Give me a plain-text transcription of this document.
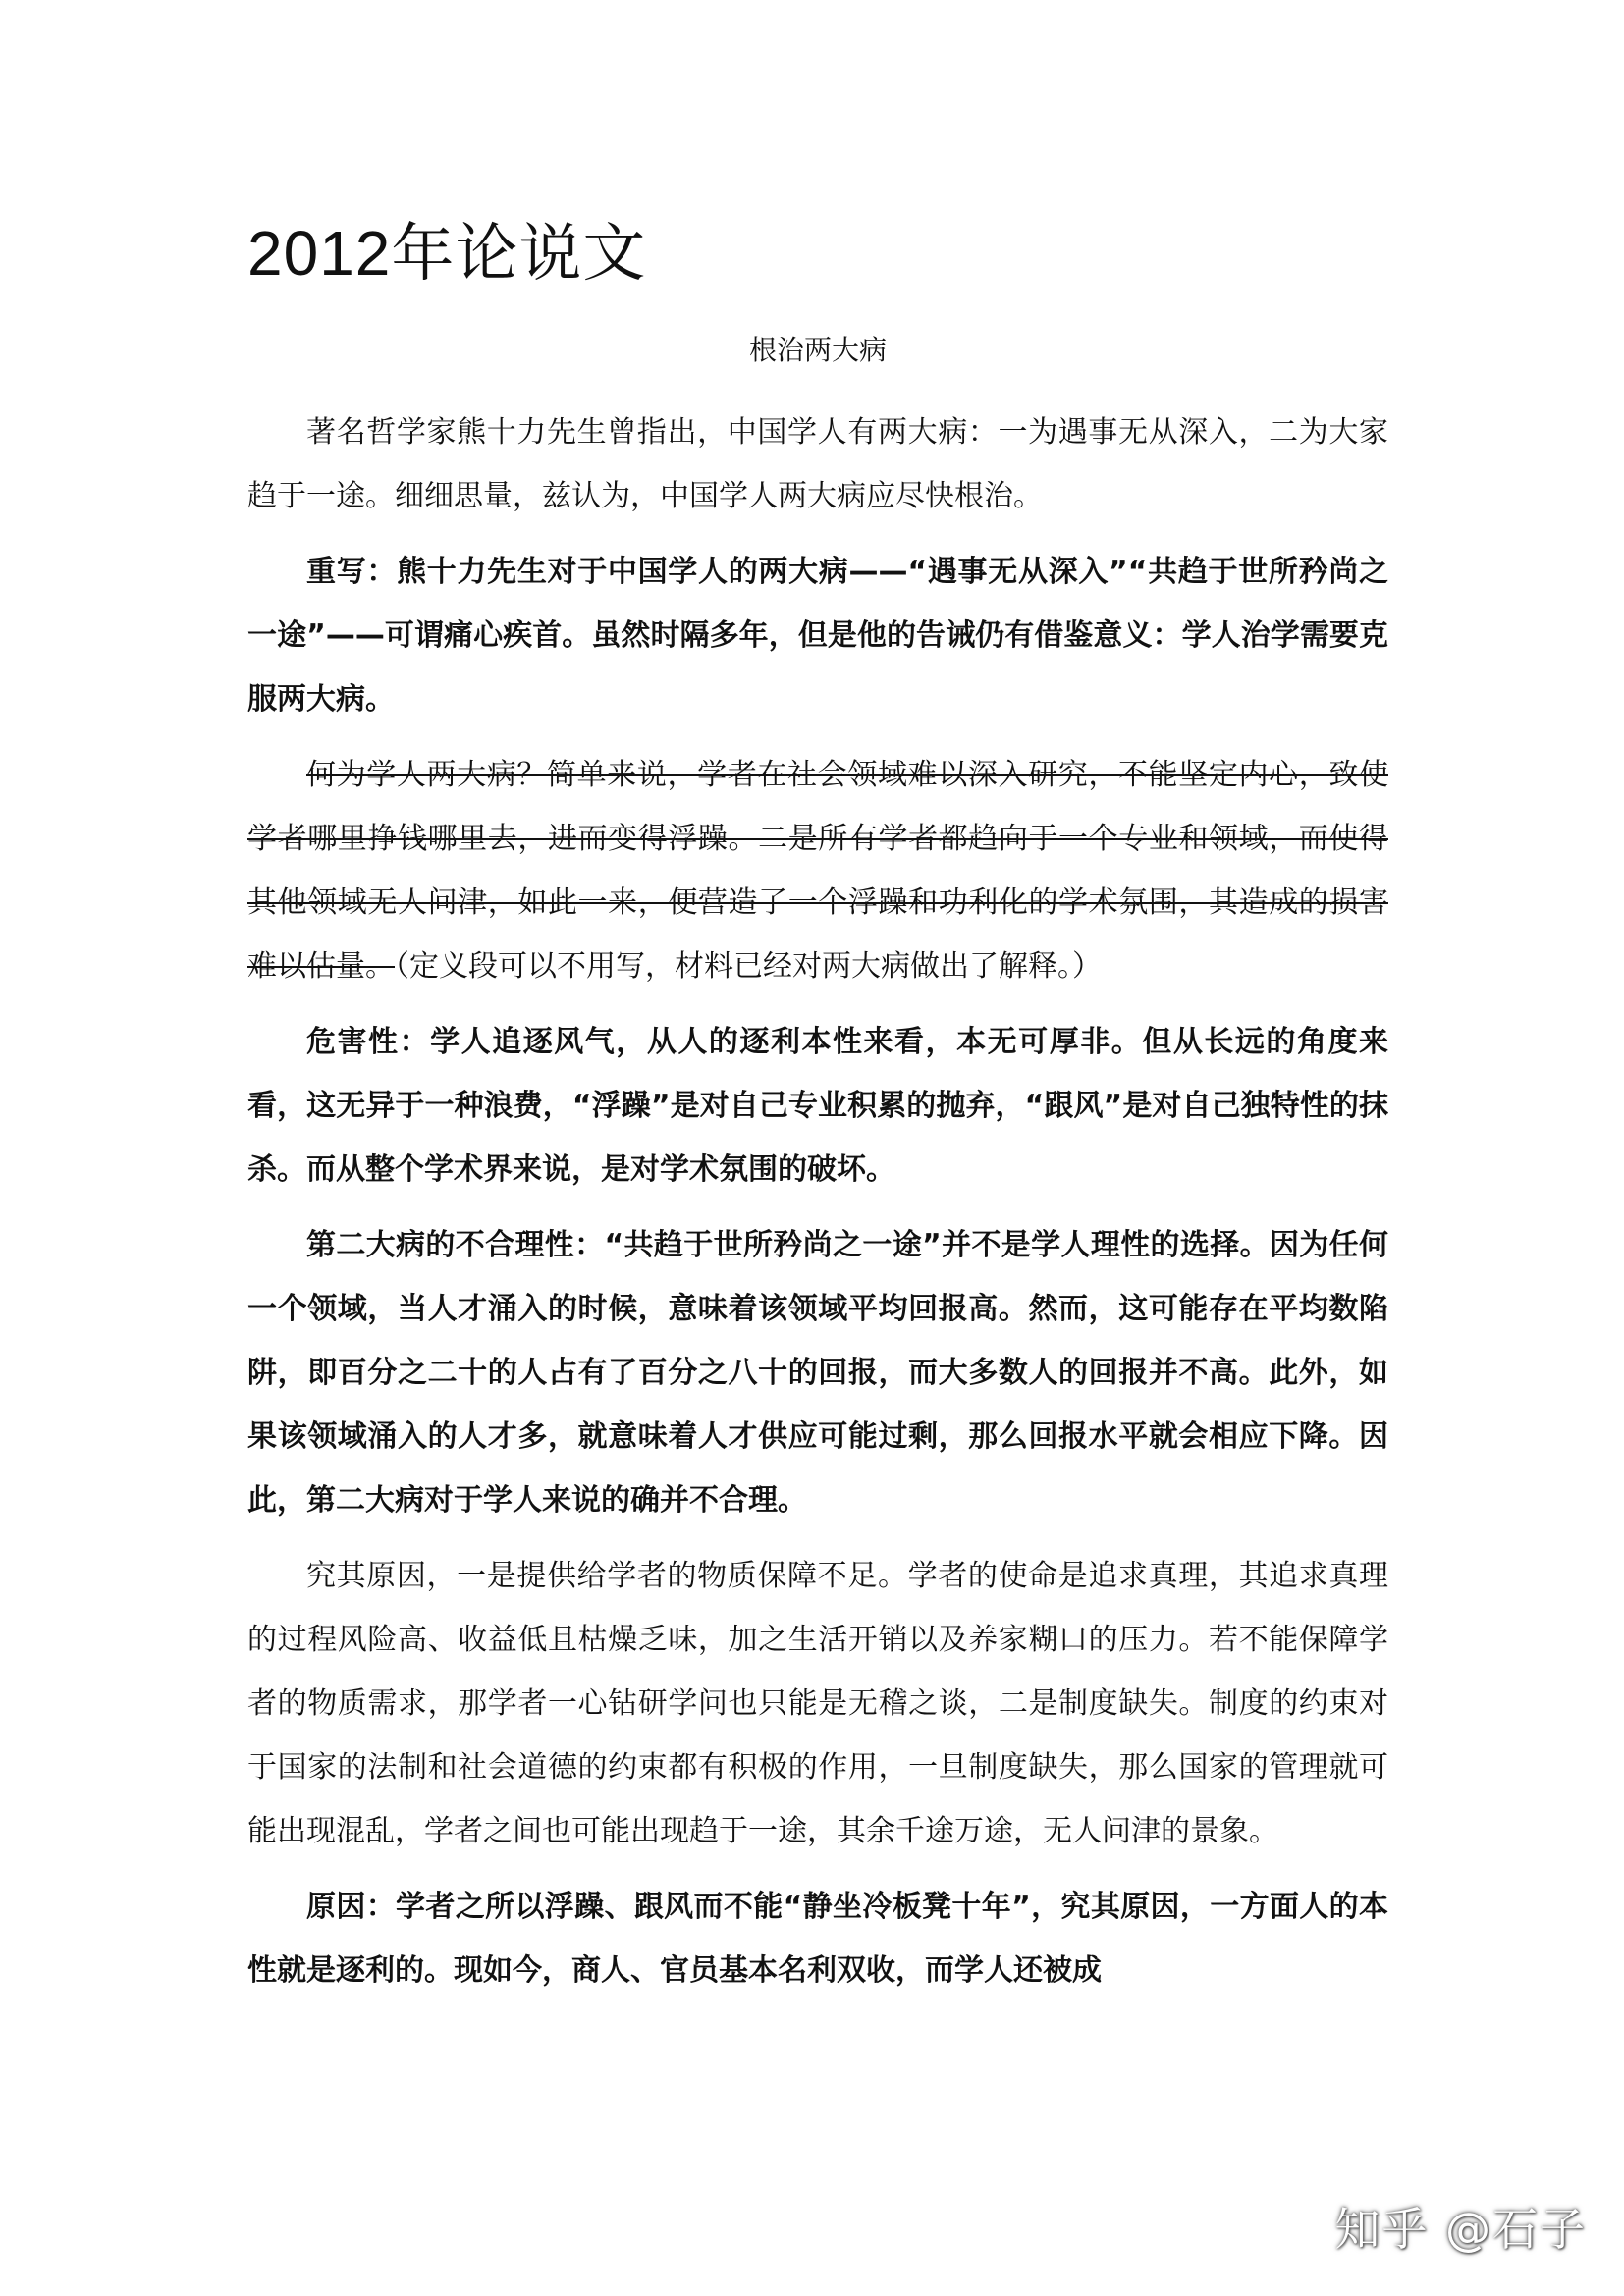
2012年论说文
根治两大病

著名哲学家熊十力先生曾指出，中国学人有两大病：一为遇事无从深入，二为大家趋于一途。细细思量，兹认为，中国学人两大病应尽快根治。

重写：熊十力先生对于中国学人的两大病——“遇事无从深入”“共趋于世所矜尚之一途”——可谓痛心疾首。虽然时隔多年，但是他的告诫仍有借鉴意义：学人治学需要克服两大病。

何为学人两大病？简单来说，学者在社会领域难以深入研究，不能坚定内心，致使学者哪里挣钱哪里去，进而变得浮躁。二是所有学者都趋向于一个专业和领域，而使得其他领域无人问津，如此一来，便营造了一个浮躁和功利化的学术氛围，其造成的损害难以估量。（定义段可以不用写，材料已经对两大病做出了解释。）

危害性：学人追逐风气，从人的逐利本性来看，本无可厚非。但从长远的角度来看，这无异于一种浪费，“浮躁”是对自己专业积累的抛弃，“跟风”是对自己独特性的抹杀。而从整个学术界来说，是对学术氛围的破坏。

第二大病的不合理性：“共趋于世所矜尚之一途”并不是学人理性的选择。因为任何一个领域，当人才涌入的时候，意味着该领域平均回报高。然而，这可能存在平均数陷阱，即百分之二十的人占有了百分之八十的回报，而大多数人的回报并不高。此外，如果该领域涌入的人才多，就意味着人才供应可能过剩，那么回报水平就会相应下降。因此，第二大病对于学人来说的确并不合理。

究其原因，一是提供给学者的物质保障不足。学者的使命是追求真理，其追求真理的过程风险高、收益低且枯燥乏味，加之生活开销以及养家糊口的压力。若不能保障学者的物质需求，那学者一心钻研学问也只能是无稽之谈，二是制度缺失。制度的约束对于国家的法制和社会道德的约束都有积极的作用，一旦制度缺失，那么国家的管理就可能出现混乱，学者之间也可能出现趋于一途，其余千途万途，无人问津的景象。

原因：学者之所以浮躁、跟风而不能“静坐冷板凳十年”，究其原因，一方面人的本性就是逐利的。现如今，商人、官员基本名利双收，而学人还被成

知乎 @石子
